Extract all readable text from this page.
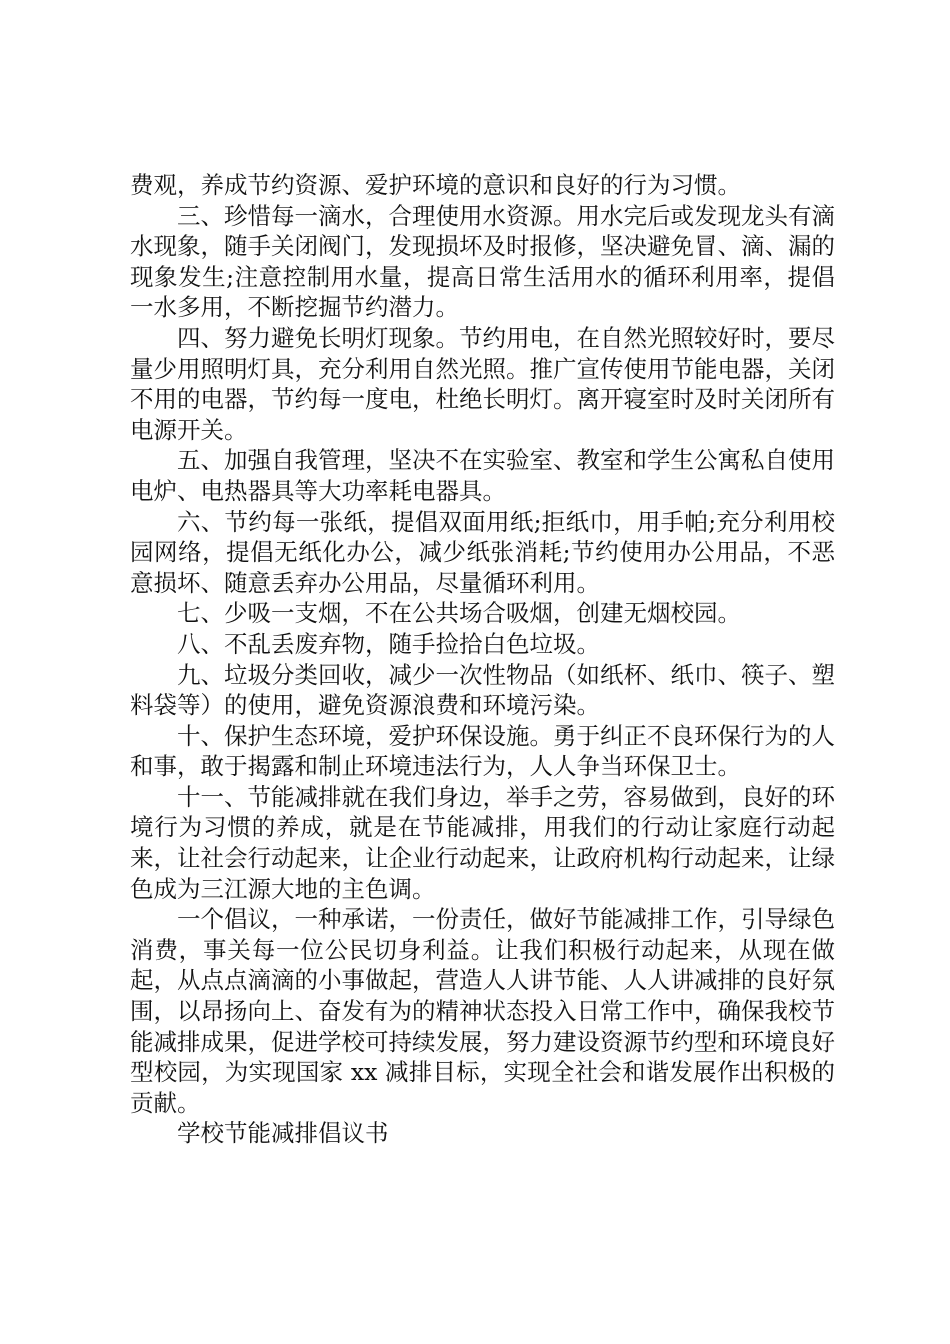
费观，养成节约资源、爱护环境的意识和良好的行为习惯。

三、珍惜每一滴水，合理使用水资源。用水完后或发现龙头有滴水现象，随手关闭阀门，发现损坏及时报修，坚决避免冒、滴、漏的现象发生;注意控制用水量，提高日常生活用水的循环利用率，提倡一水多用，不断挖掘节约潜力。

四、努力避免长明灯现象。节约用电，在自然光照较好时，要尽量少用照明灯具，充分利用自然光照。推广宣传使用节能电器，关闭不用的电器，节约每一度电，杜绝长明灯。离开寝室时及时关闭所有电源开关。

五、加强自我管理，坚决不在实验室、教室和学生公寓私自使用电炉、电热器具等大功率耗电器具。

六、节约每一张纸，提倡双面用纸;拒纸巾，用手帕;充分利用校园网络，提倡无纸化办公，减少纸张消耗;节约使用办公用品，不恶意损坏、随意丢弃办公用品，尽量循环利用。

七、少吸一支烟，不在公共场合吸烟，创建无烟校园。

八、不乱丢废弃物，随手捡拾白色垃圾。

九、垃圾分类回收，减少一次性物品（如纸杯、纸巾、筷子、塑料袋等）的使用，避免资源浪费和环境污染。

十、保护生态环境，爱护环保设施。勇于纠正不良环保行为的人和事，敢于揭露和制止环境违法行为，人人争当环保卫士。

十一、节能减排就在我们身边，举手之劳，容易做到，良好的环境行为习惯的养成，就是在节能减排，用我们的行动让家庭行动起来，让社会行动起来，让企业行动起来，让政府机构行动起来，让绿色成为三江源大地的主色调。

一个倡议，一种承诺，一份责任，做好节能减排工作，引导绿色消费，事关每一位公民切身利益。让我们积极行动起来，从现在做起，从点点滴滴的小事做起，营造人人讲节能、人人讲减排的良好氛围，以昂扬向上、奋发有为的精神状态投入日常工作中，确保我校节能减排成果，促进学校可持续发展，努力建设资源节约型和环境良好型校园，为实现国家 xx 减排目标，实现全社会和谐发展作出积极的贡献。

学校节能减排倡议书
